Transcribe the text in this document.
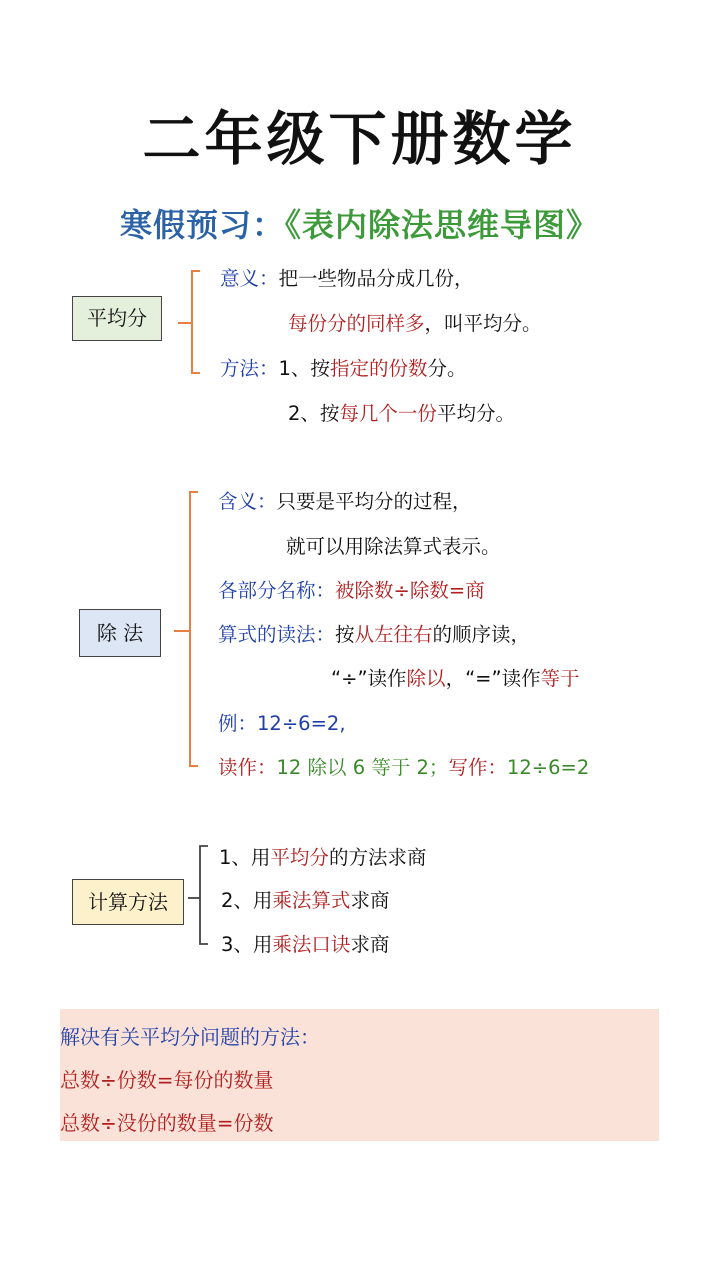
二年级下册数学
寒假预习：《表内除法思维导图》
平均分
意义：把一些物品分成几份，
每份分的同样多，叫平均分。
方法：1、按指定的份数分。
2、按每几个一份平均分。
除 法
含义：只要是平均分的过程，
就可以用除法算式表示。
各部分名称：被除数÷除数=商
算式的读法：按从左往右的顺序读，
“÷”读作除以，“=”读作等于
例：12÷6=2,
读作：12 除以 6 等于 2；写作：12÷6=2
计算方法
1、用平均分的方法求商
2、用乘法算式求商
3、用乘法口诀求商
解决有关平均分问题的方法：
总数÷份数=每份的数量
总数÷没份的数量=份数
